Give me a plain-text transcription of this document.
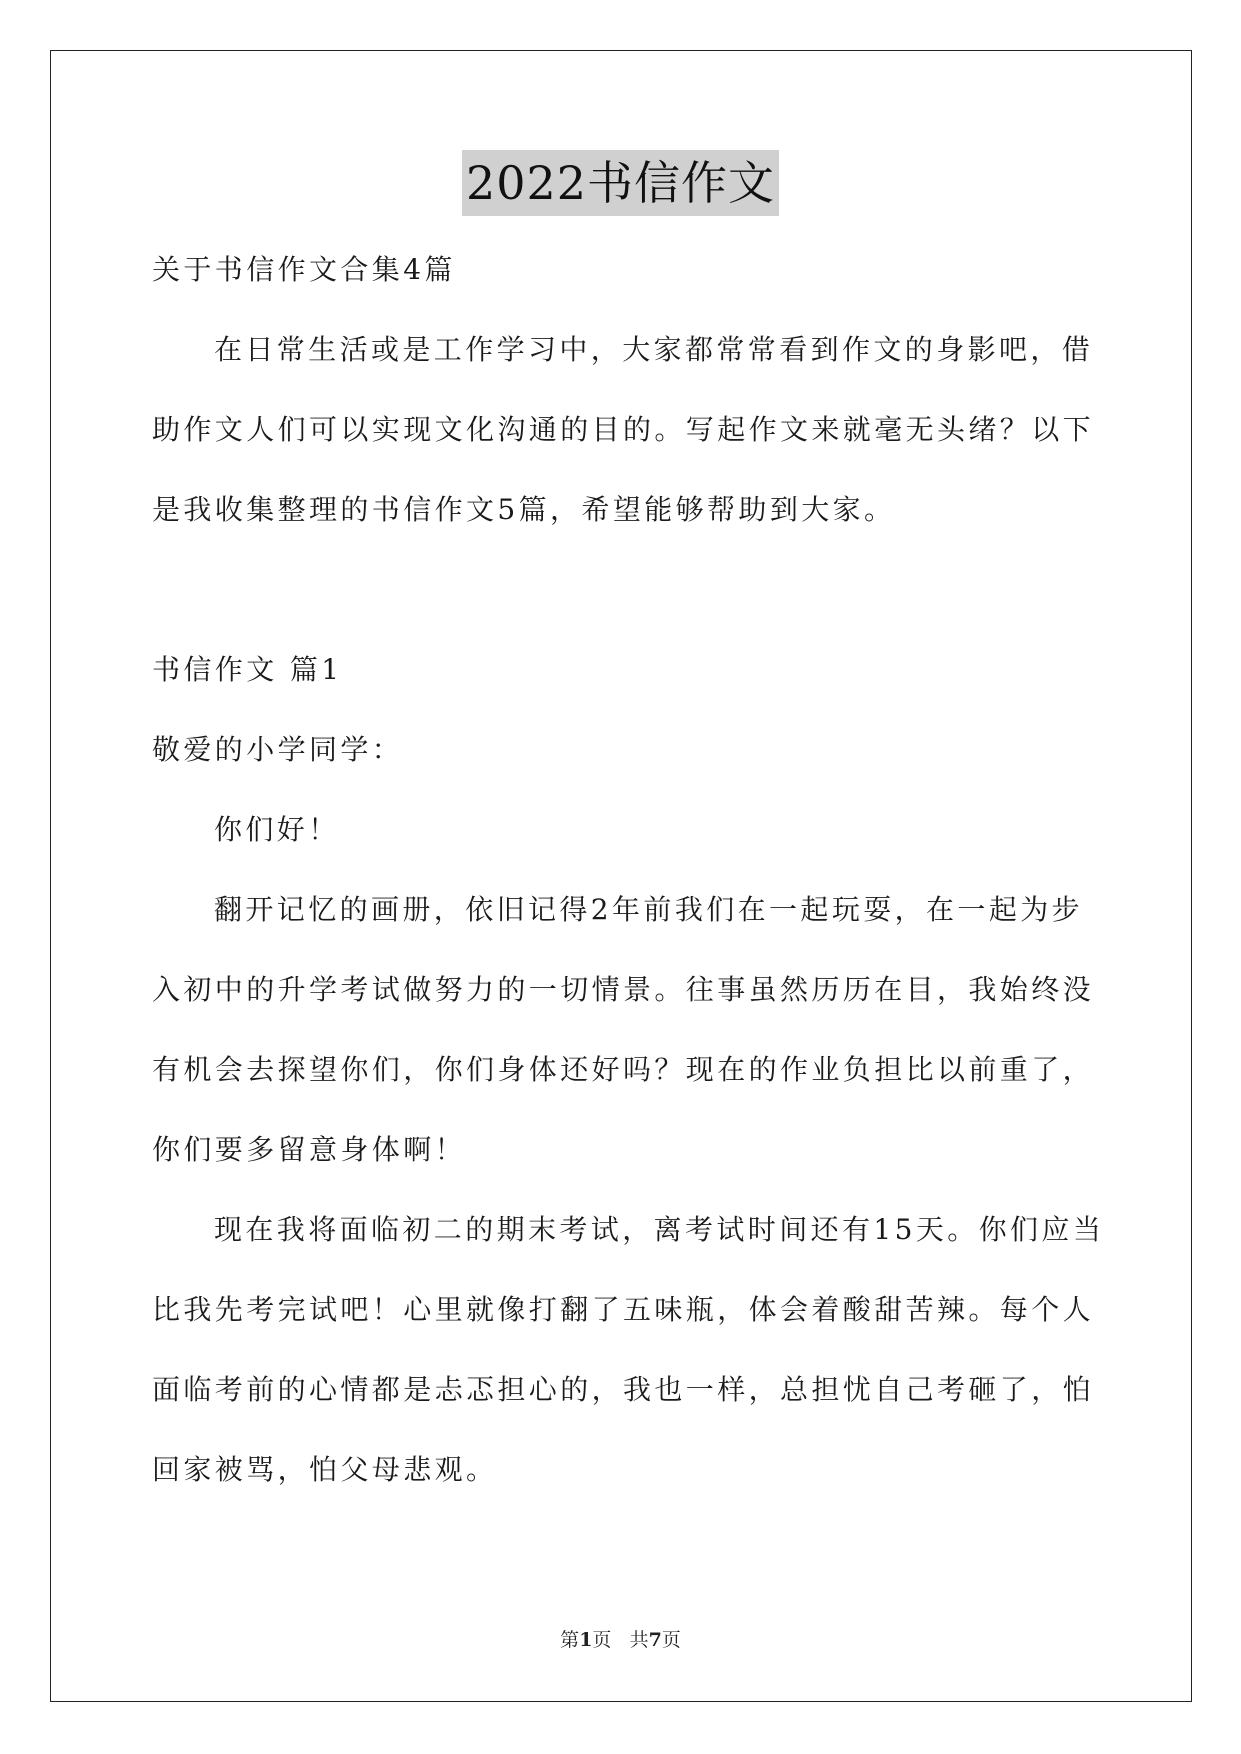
2022书信作文
关于书信作文合集4篇
在日常生活或是工作学习中，大家都常常看到作文的身影吧，借
助作文人们可以实现文化沟通的目的。写起作文来就毫无头绪？以下
是我收集整理的书信作文5篇，希望能够帮助到大家。
书信作文 篇1
敬爱的小学同学：
你们好！
翻开记忆的画册，依旧记得2年前我们在一起玩耍，在一起为步
入初中的升学考试做努力的一切情景。往事虽然历历在目，我始终没
有机会去探望你们，你们身体还好吗？现在的作业负担比以前重了，
你们要多留意身体啊！
现在我将面临初二的期末考试，离考试时间还有15天。你们应当
比我先考完试吧！心里就像打翻了五味瓶，体会着酸甜苦辣。每个人
面临考前的心情都是忐忑担心的，我也一样，总担忧自己考砸了，怕
回家被骂，怕父母悲观。
第1页 共7页
